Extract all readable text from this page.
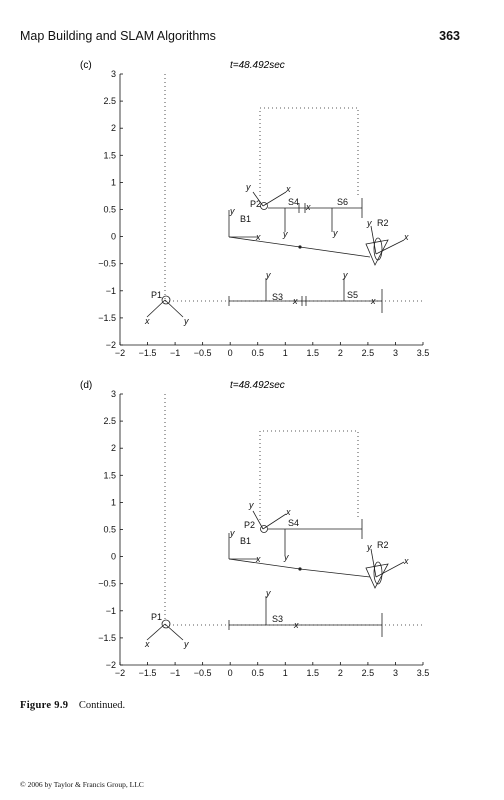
Map Building and SLAM Algorithms	363
(c)	t=48.492sec
−2 −1.5 −1 −0.5 0 0.5 1 1.5 2 2.5 3 3.5
−2
−1.5
−1
−0.5
0
0.5
1
1.5
2
2.5
3
P1
P2
B1
S3
S4
S5
S6
R2
x	y
x
y
y	x
x
y	y
y	y
x	x
x
y
(d)	t=48.492sec
−2 −1.5 −1 −0.5 0 0.5 1 1.5 2 2.5 3 3.5
−2
−1.5
−1
−0.5
0
0.5
1
1.5
2
2.5
3
P1
P2
B1
S3
S4
R2
x	y
x
y
y
x
y
y
x
x
y
Figure 9.9 Continued.
© 2006 by Taylor & Francis Group, LLC
